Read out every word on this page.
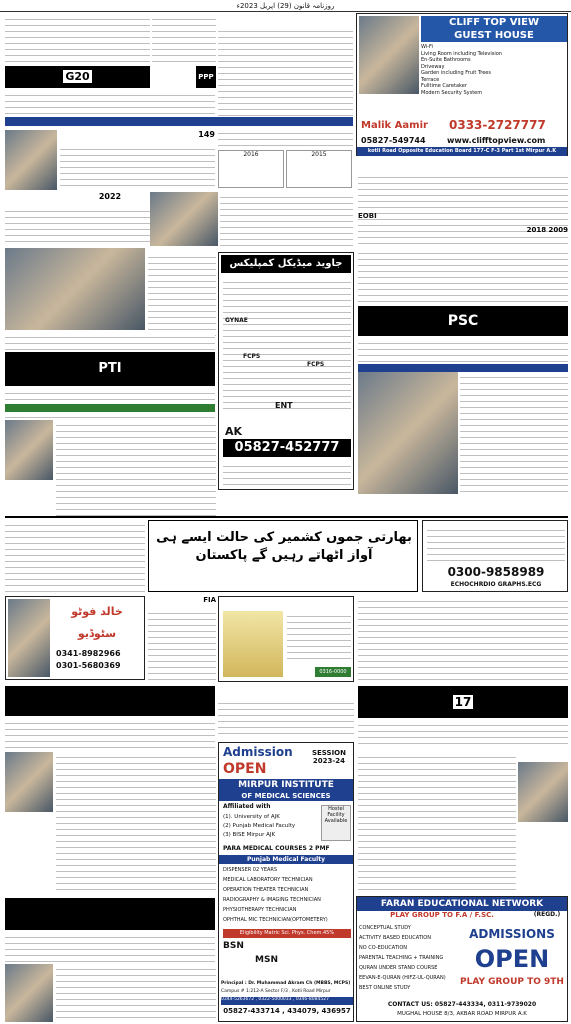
روزنامہ قانون (29) اپریل 2023ء
G20	PPP
CLIFF TOP VIEW
GUEST HOUSE
Wi-Fi
Living Room including Television
En-Suite Bathrooms
Driveway
Garden including Fruit Trees
Terrace
Fulltime Caretaker
Modern Security System
Malik Aamir	0333-2727777
05827-549744	www.clifftopview.com
kotli Road Opposite Education Board 177-C F-3 Part 1st Mirpur A.K
149
2016	2015
2022
EOBI
جاوید میڈیکل کمپلیکس
GYNAE
FCPS
FCPS
ENT
AK
05827-452777
2009 2018
PSC
PTI
بھارتی جموں کشمیر کی حالت ایسے ہی آواز اٹھاتے رہیں گے پاکستان
0300-9858989
ECHOCHRDIO GRAPHS.ECG
خالد فوٹو سٹوڈیو
0341-8982966
0301-5680369
FIA
0316-0000
17
Admission
OPEN
SESSION 2023-24
MIRPUR INSTITUTE
OF MEDICAL SCIENCES
Affiliated with
(1). University of AJK
(2) Punjab Medical Faculty
(3) BISE Mirpur AJK
Hostel Facility Available
PARA MEDICAL COURSES 2 PMF
Punjab Medical Faculty
DISPENSER 02 YEARS
MEDICAL LABORATORY TECHNICIAN
OPERATION THEATER TECHNICIAN
RADIOGRAPHY & IMAGING TECHNICIAN
PHYSIOTHERAPY TECHNICIAN
OPHTHAL MIC TECHNICIAN(OPTOMETERY)
Eligibility Matric Sci. Phys. Chem.45%
BSN
MSN
Principal : Dr. Muhammad Akram Ch (MBBS, MCPS)
Campus # 1:212-A Sector F/3 , Kotli Road Mirpur
0344-5263672 , 0322-5000033 , 0346-8084527
05827-433714 , 434079, 436957
FARAN EDUCATIONAL NETWORK
PLAY GROUP TO F.A / F.SC.	(REGD.)
CONCEPTUAL STUDY
ACTIVITY BASED EDUCATION
NO CO-EDUCATION
PARENTAL TEACHING + TRAINING
QURAN UNDER STAND COURSE
EEVAN-E-QURAN (HIFZ-UL-QURAN)
BEST ONLINE STUDY
ADMISSIONS
OPEN
PLAY GROUP TO 9TH
CONTACT US: 05827-443334, 0311-9739020
MUGHAL HOUSE 8/3, AKBAR ROAD MIRPUR A.K
